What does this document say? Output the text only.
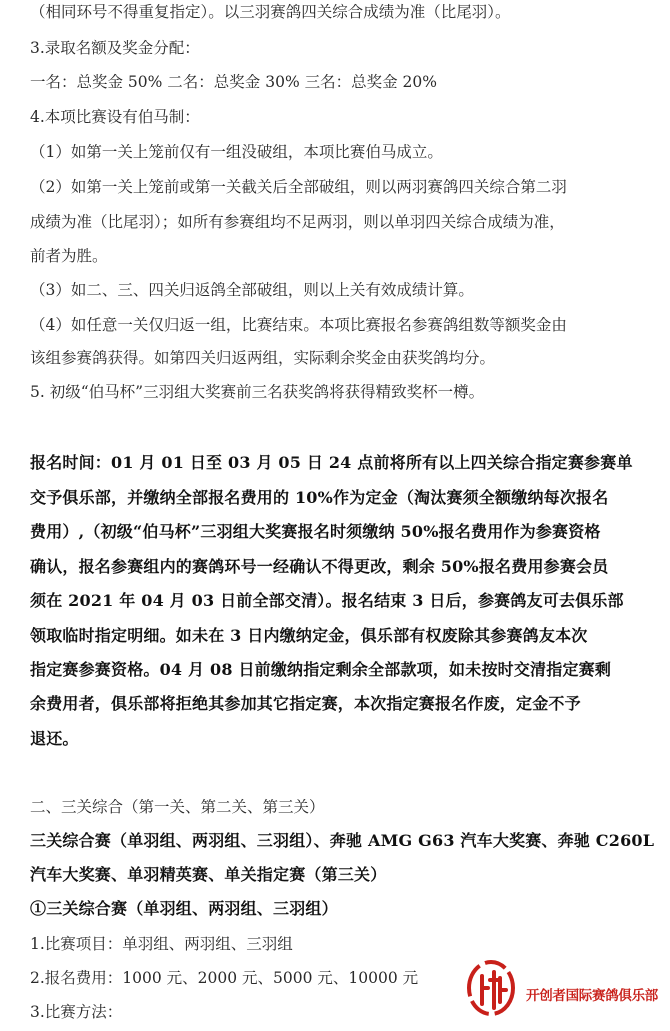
（相同环号不得重复指定）。以三羽赛鸽四关综合成绩为准（比尾羽）。

3.录取名额及奖金分配：

一名：总奖金 50% 二名：总奖金 30% 三名：总奖金 20%

4.本项比赛设有伯马制：

（1）如第一关上笼前仅有一组没破组，本项比赛伯马成立。

（2）如第一关上笼前或第一关截关后全部破组，则以两羽赛鸽四关综合第二羽

成绩为准（比尾羽）；如所有参赛组均不足两羽，则以单羽四关综合成绩为准，

前者为胜。

（3）如二、三、四关归返鸽全部破组，则以上关有效成绩计算。

（4）如任意一关仅归返一组，比赛结束。本项比赛报名参赛鸽组数等额奖金由

该组参赛鸽获得。如第四关归返两组，实际剩余奖金由获奖鸽均分。

5. 初级“伯马杯”三羽组大奖赛前三名获奖鸽将获得精致奖杯一樽。

报名时间：01 月 01 日至 03 月 05 日 24 点前将所有以上四关综合指定赛参赛单

交予俱乐部，并缴纳全部报名费用的 10%作为定金（淘汰赛须全额缴纳每次报名

费用）,（初级“伯马杯”三羽组大奖赛报名时须缴纳 50%报名费用作为参赛资格

确认，报名参赛组内的赛鸽环号一经确认不得更改，剩余 50%报名费用参赛会员

须在 2021 年 04 月 03 日前全部交清）。报名结束 3 日后，参赛鸽友可去俱乐部

领取临时指定明细。如未在 3 日内缴纳定金，俱乐部有权废除其参赛鸽友本次

指定赛参赛资格。04 月 08 日前缴纳指定剩余全部款项，如未按时交清指定赛剩

余费用者，俱乐部将拒绝其参加其它指定赛，本次指定赛报名作废，定金不予

退还。

二、三关综合（第一关、第二关、第三关）

三关综合赛（单羽组、两羽组、三羽组）、奔驰 AMG G63 汽车大奖赛、奔驰 C260L

汽车大奖赛、单羽精英赛、单关指定赛（第三关）

①三关综合赛（单羽组、两羽组、三羽组）

1.比赛项目：单羽组、两羽组、三羽组

2.报名费用：1000 元、2000 元、5000 元、10000 元

3.比赛方法：

开创者国际赛鸽俱乐部
